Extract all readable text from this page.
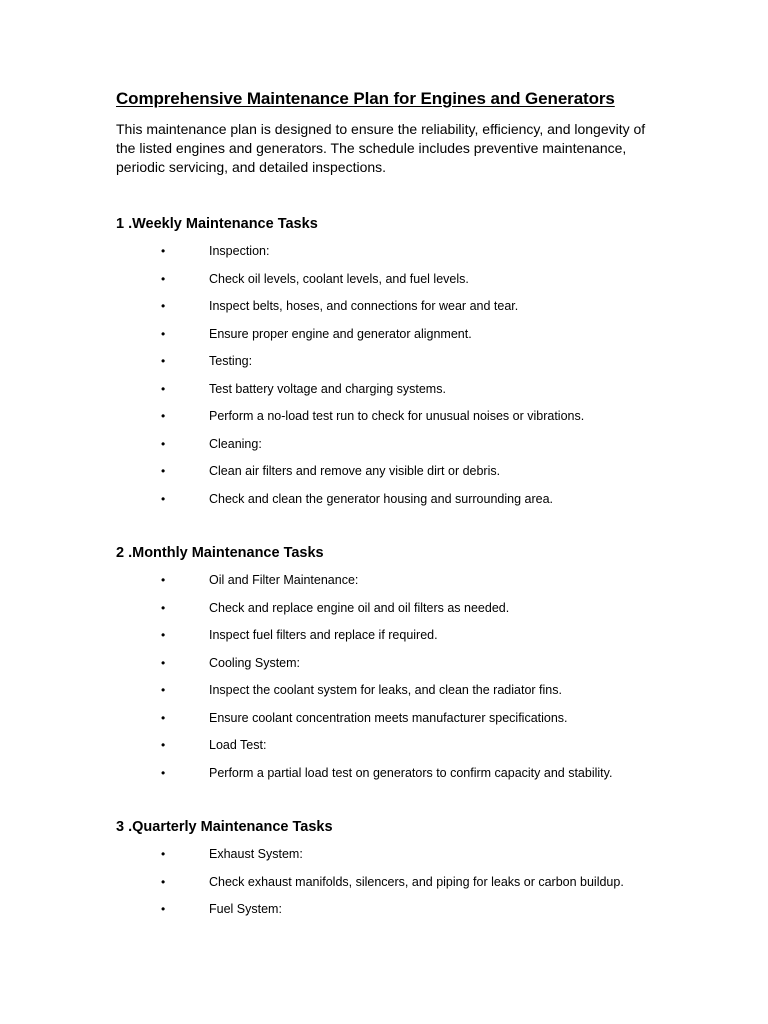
Comprehensive Maintenance Plan for Engines and Generators

This maintenance plan is designed to ensure the reliability, efficiency, and longevity of the listed engines and generators. The schedule includes preventive maintenance, periodic servicing, and detailed inspections.

1 .Weekly Maintenance Tasks
•	Inspection:
•	Check oil levels, coolant levels, and fuel levels.
•	Inspect belts, hoses, and connections for wear and tear.
•	Ensure proper engine and generator alignment.
•	Testing:
•	Test battery voltage and charging systems.
•	Perform a no-load test run to check for unusual noises or vibrations.
•	Cleaning:
•	Clean air filters and remove any visible dirt or debris.
•	Check and clean the generator housing and surrounding area.
2 .Monthly Maintenance Tasks
•	Oil and Filter Maintenance:
•	Check and replace engine oil and oil filters as needed.
•	Inspect fuel filters and replace if required.
•	Cooling System:
•	Inspect the coolant system for leaks, and clean the radiator fins.
•	Ensure coolant concentration meets manufacturer specifications.
•	Load Test:
•	Perform a partial load test on generators to confirm capacity and stability.
3 .Quarterly Maintenance Tasks
•	Exhaust System:
•	Check exhaust manifolds, silencers, and piping for leaks or carbon buildup.
•	Fuel System:
